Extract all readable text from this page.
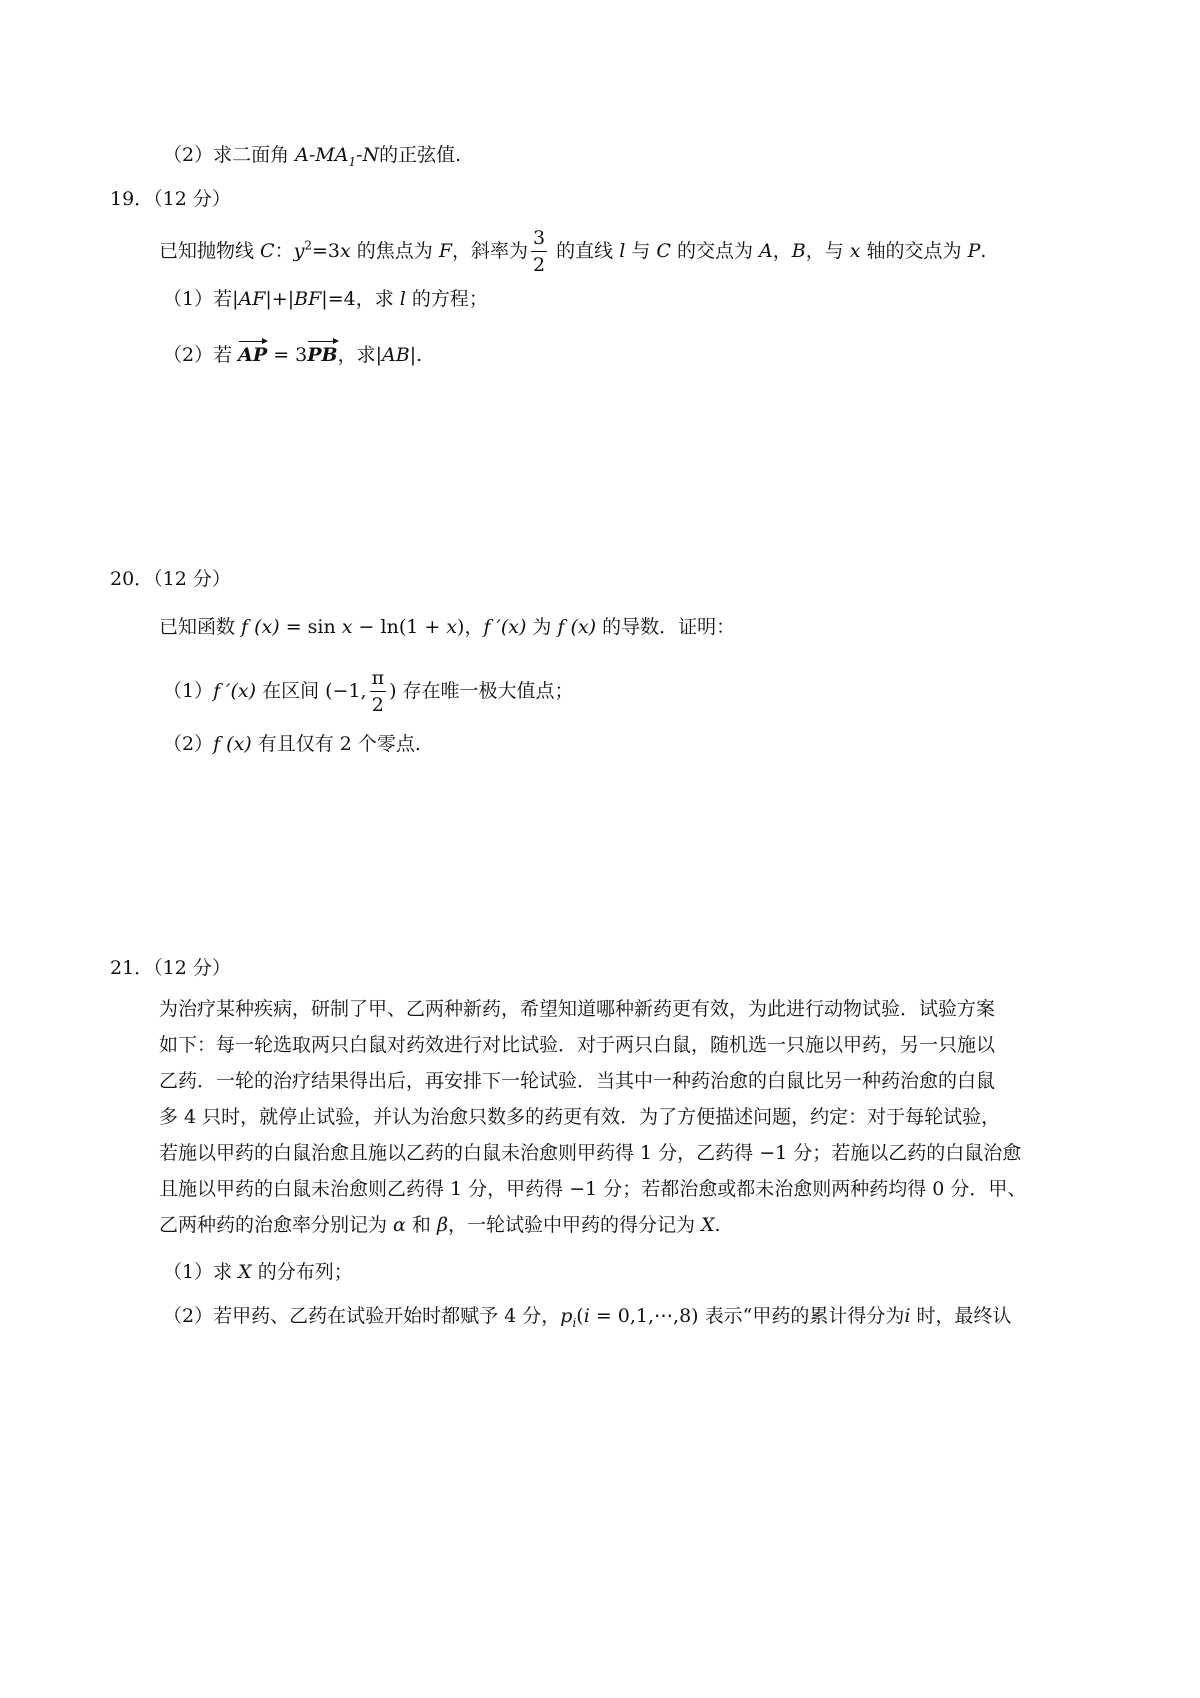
（2）求二面角 $A-MA_1-N$的正弦值.
19．（12 分）
已知抛物线 C：$y^2=3x$ 的焦点为 F，斜率为 $\frac{3}{2}$ 的直线 l 与 C 的交点为 A，B，与 x 轴的交点为 P.
（1）若|AF|+|BF|=4，求 l 的方程；
（2）若 AP = 3PB，求|AB|.
20．（12 分）
已知函数 f (x) = sin x − ln(1 + x)，f ′(x) 为 f (x) 的导数．证明：
（1）f ′(x) 在区间 (−1, $\frac{\pi}{2}$ ) 存在唯一极大值点；
（2）f (x) 有且仅有 2 个零点.
21．（12 分）
为治疗某种疾病，研制了甲、乙两种新药，希望知道哪种新药更有效，为此进行动物试验．试验方案
如下：每一轮选取两只白鼠对药效进行对比试验．对于两只白鼠，随机选一只施以甲药，另一只施以
乙药．一轮的治疗结果得出后，再安排下一轮试验．当其中一种药治愈的白鼠比另一种药治愈的白鼠
多 4 只时，就停止试验，并认为治愈只数多的药更有效．为了方便描述问题，约定：对于每轮试验，
若施以甲药的白鼠治愈且施以乙药的白鼠未治愈则甲药得 1 分，乙药得 −1 分；若施以乙药的白鼠治愈
且施以甲药的白鼠未治愈则乙药得 1 分，甲药得 −1 分；若都治愈或都未治愈则两种药均得 0 分．甲、
乙两种药的治愈率分别记为 α 和 β，一轮试验中甲药的得分记为 X.
（1）求 X 的分布列；
（2）若甲药、乙药在试验开始时都赋予 4 分，$p_i(i$ = 0,1,⋯,8) 表示“甲药的累计得分为i 时，最终认
